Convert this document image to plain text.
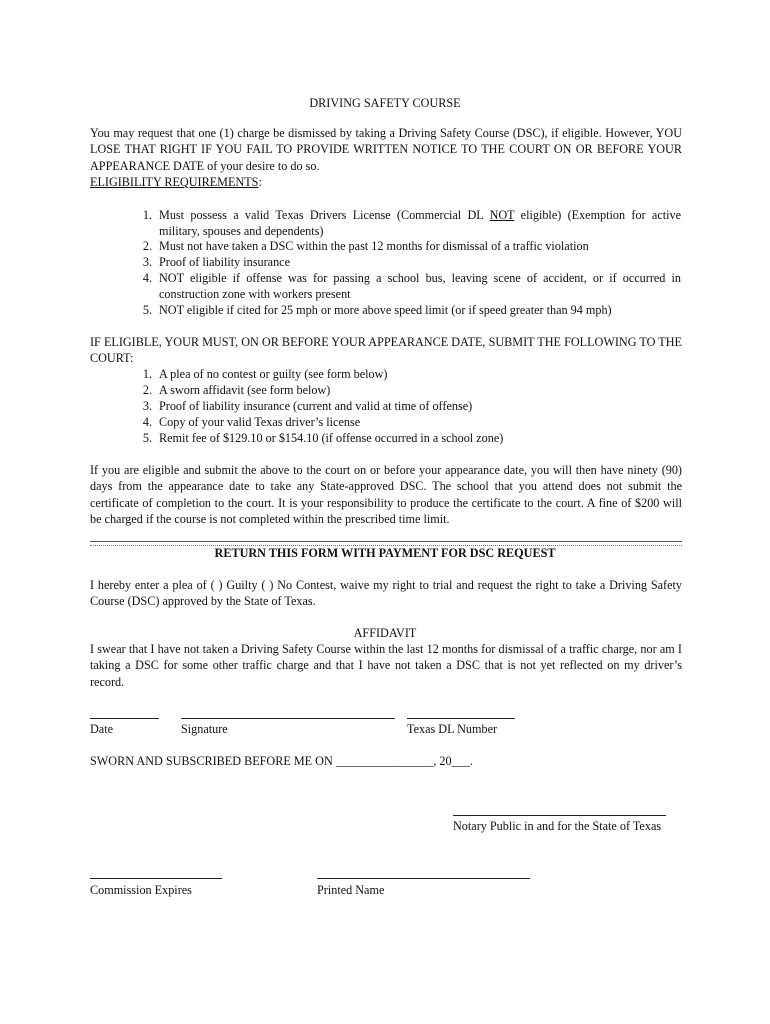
DRIVING SAFETY COURSE
You may request that one (1) charge be dismissed by taking a Driving Safety Course (DSC), if eligible. However, YOU LOSE THAT RIGHT IF YOU FAIL TO PROVIDE WRITTEN NOTICE TO THE COURT ON OR BEFORE YOUR APPEARANCE DATE of your desire to do so.
ELIGIBILITY REQUIREMENTS:
1. Must possess a valid Texas Drivers License (Commercial DL NOT eligible) (Exemption for active military, spouses and dependents)
2. Must not have taken a DSC within the past 12 months for dismissal of a traffic violation
3. Proof of liability insurance
4. NOT eligible if offense was for passing a school bus, leaving scene of accident, or if occurred in construction zone with workers present
5. NOT eligible if cited for 25 mph or more above speed limit (or if speed greater than 94 mph)
IF ELIGIBLE, YOUR MUST, ON OR BEFORE YOUR APPEARANCE DATE, SUBMIT THE FOLLOWING TO THE COURT:
1. A plea of no contest or guilty (see form below)
2. A sworn affidavit (see form below)
3. Proof of liability insurance (current and valid at time of offense)
4. Copy of your valid Texas driver’s license
5. Remit fee of $129.10 or $154.10 (if offense occurred in a school zone)
If you are eligible and submit the above to the court on or before your appearance date, you will then have ninety (90) days from the appearance date to take any State-approved DSC. The school that you attend does not submit the certificate of completion to the court. It is your responsibility to produce the certificate to the court. A fine of $200 will be charged if the course is not completed within the prescribed time limit.
RETURN THIS FORM WITH PAYMENT FOR DSC REQUEST
I hereby enter a plea of ( ) Guilty ( ) No Contest, waive my right to trial and request the right to take a Driving Safety Course (DSC) approved by the State of Texas.
AFFIDAVIT
I swear that I have not taken a Driving Safety Course within the last 12 months for dismissal of a traffic charge, nor am I taking a DSC for some other traffic charge and that I have not taken a DSC that is not yet reflected on my driver’s record.
Date	Signature	Texas DL Number
SWORN AND SUBSCRIBED BEFORE ME ON ________________, 20___.
Notary Public in and for the State of Texas
Commission Expires	Printed Name
